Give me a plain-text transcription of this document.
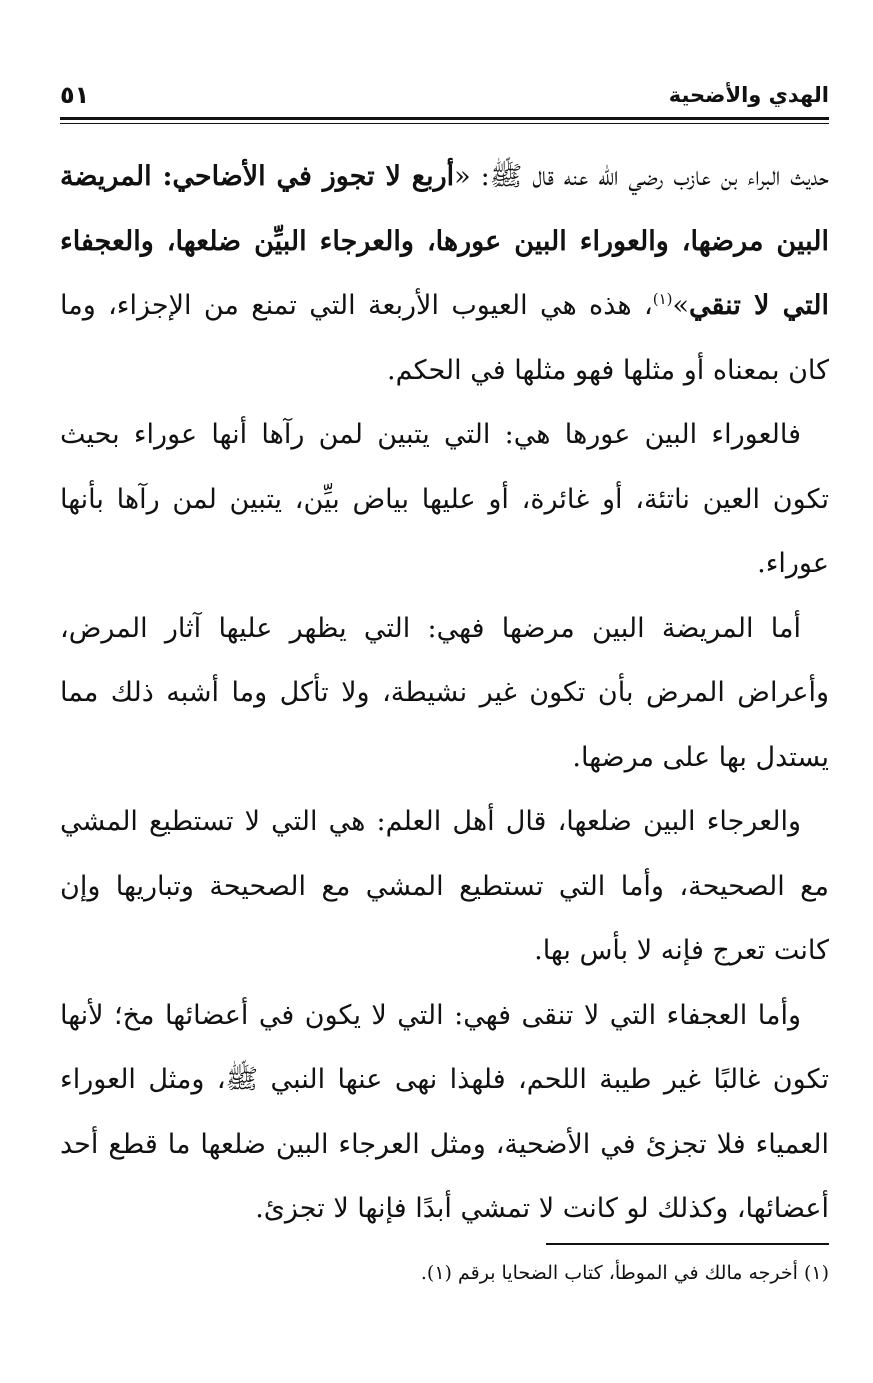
الهدي والأضحية
٥١

حديث البراء بن عازب رضي الله عنه قال ﷺ: «أربع لا تجوز في الأضاحي: المريضة البين مرضها، والعوراء البين عورها، والعرجاء البيِّن ضلعها، والعجفاء التي لا تنقي»$^{(١)}$، هذه هي العيوب الأربعة التي تمنع من الإجزاء، وما كان بمعناه أو مثلها فهو مثلها في الحكم.

فالعوراء البين عورها هي: التي يتبين لمن رآها أنها عوراء بحيث تكون العين ناتئة، أو غائرة، أو عليها بياض بيِّن، يتبين لمن رآها بأنها عوراء.

أما المريضة البين مرضها فهي: التي يظهر عليها آثار المرض، وأعراض المرض بأن تكون غير نشيطة، ولا تأكل وما أشبه ذلك مما يستدل بها على مرضها.

والعرجاء البين ضلعها، قال أهل العلم: هي التي لا تستطيع المشي مع الصحيحة، وأما التي تستطيع المشي مع الصحيحة وتباريها وإن كانت تعرج فإنه لا بأس بها.

وأما العجفاء التي لا تنقى فهي: التي لا يكون في أعضائها مخ؛ لأنها تكون غالبًا غير طيبة اللحم، فلهذا نهى عنها النبي ﷺ، ومثل العوراء العمياء فلا تجزئ في الأضحية، ومثل العرجاء البين ضلعها ما قطع أحد أعضائها، وكذلك لو كانت لا تمشي أبدًا فإنها لا تجزئ.

(١) أخرجه مالك في الموطأ، كتاب الضحايا برقم (١).
